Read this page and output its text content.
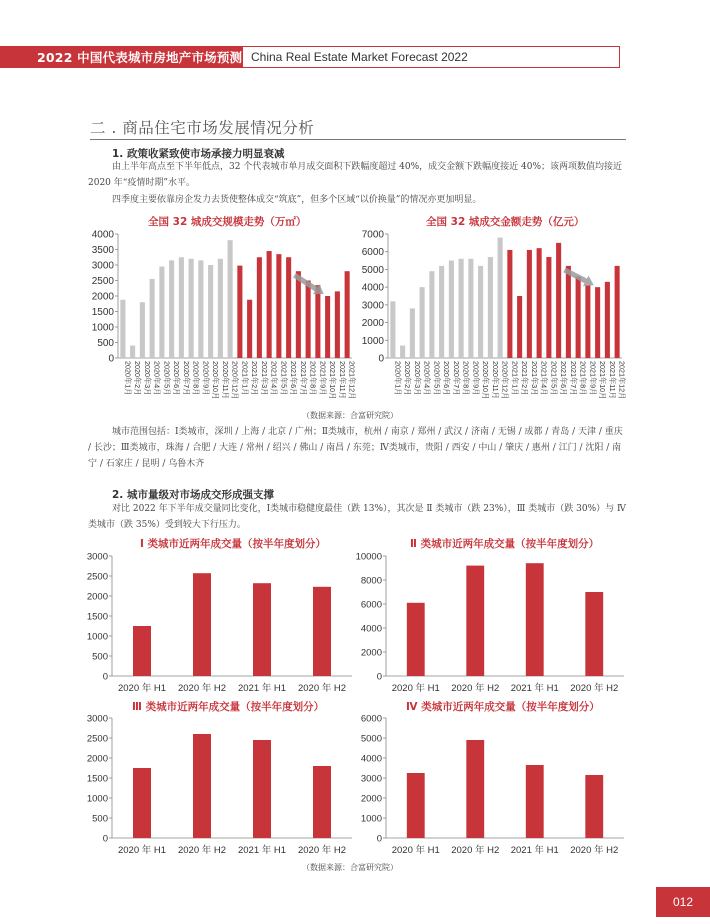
2022 中国代表城市房地产市场预测 China Real Estate Market Forecast 2022
二 . 商品住宅市场发展情况分析
1. 政策收紧致使市场承接力明显衰减
由上半年高点至下半年低点，32 个代表城市单月成交面积下跌幅度超过 40%，成交金额下跌幅度接近 40%；该两项数值均接近 2020 年“疫情时期”水平。
四季度主要依靠房企发力去货使整体成交“筑底”，但多个区域“以价换量”的情况亦更加明显。
全国 32 城成交规模走势（万㎡）	全国 32 城成交金额走势（亿元）
0
500
1000
1500
2000
2500
3000
3500
4000
2020年1月 2020年2月 2020年3月 2020年4月 2020年5月 2020年6月 2020年7月 2020年8月 2020年9月 2020年10月 2020年11月 2020年12月 2021年1月 2021年2月 2021年3月 2021年4月 2021年5月 2021年6月 2021年7月 2021年8月 2021年9月 2021年10月 2021年11月 2021年12月
0
1000
2000
3000
4000
5000
6000
7000
2020年1月 2020年2月 2020年3月 2020年4月 2020年5月 2020年6月 2020年7月 2020年8月 2020年9月 2020年10月 2020年11月 2020年12月 2021年1月 2021年2月 2021年3月 2021年4月 2021年5月 2021年6月 2021年7月 2021年8月 2021年9月 2021年10月 2021年11月 2021年12月
（数据来源：合富研究院）
城市范围包括：Ⅰ类城市，深圳 / 上海 / 北京 / 广州；Ⅱ类城市，杭州 / 南京 / 郑州 / 武汉 / 济南 / 无锡 / 成都 / 青岛 / 天津 / 重庆 / 长沙；Ⅲ类城市，珠海 / 合肥 / 大连 / 常州 / 绍兴 / 佛山 / 南昌 / 东莞；Ⅳ类城市，贵阳 / 西安 / 中山 / 肇庆 / 惠州 / 江门 / 沈阳 / 南宁 / 石家庄 / 昆明 / 乌鲁木齐
2. 城市量级对市场成交形成强支撑
对比 2022 年下半年成交量同比变化，Ⅰ类城市稳健度最佳（跌 13%），其次是 Ⅱ 类城市（跌 23%），Ⅲ 类城市（跌 30%）与 Ⅳ 类城市（跌 35%）受到较大下行压力。
Ⅰ 类城市近两年成交量（按半年度划分）	Ⅱ 类城市近两年成交量（按半年度划分）
Ⅲ 类城市近两年成交量（按半年度划分）	Ⅳ 类城市近两年成交量（按半年度划分）
0
500
1000
1500
2000
2500
3000
2020 年 H1 2020 年 H2 2021 年 H1 2020 年 H2
0
2000
4000
6000
8000
10000
2020 年 H1 2020 年 H2 2021 年 H1 2020 年 H2
0
500
1000
1500
2000
2500
3000
2020 年 H1 2020 年 H2 2021 年 H1 2020 年 H2
0
1000
2000
3000
4000
5000
6000
2020 年 H1 2020 年 H2 2021 年 H1 2020 年 H2
（数据来源：合富研究院）
012
